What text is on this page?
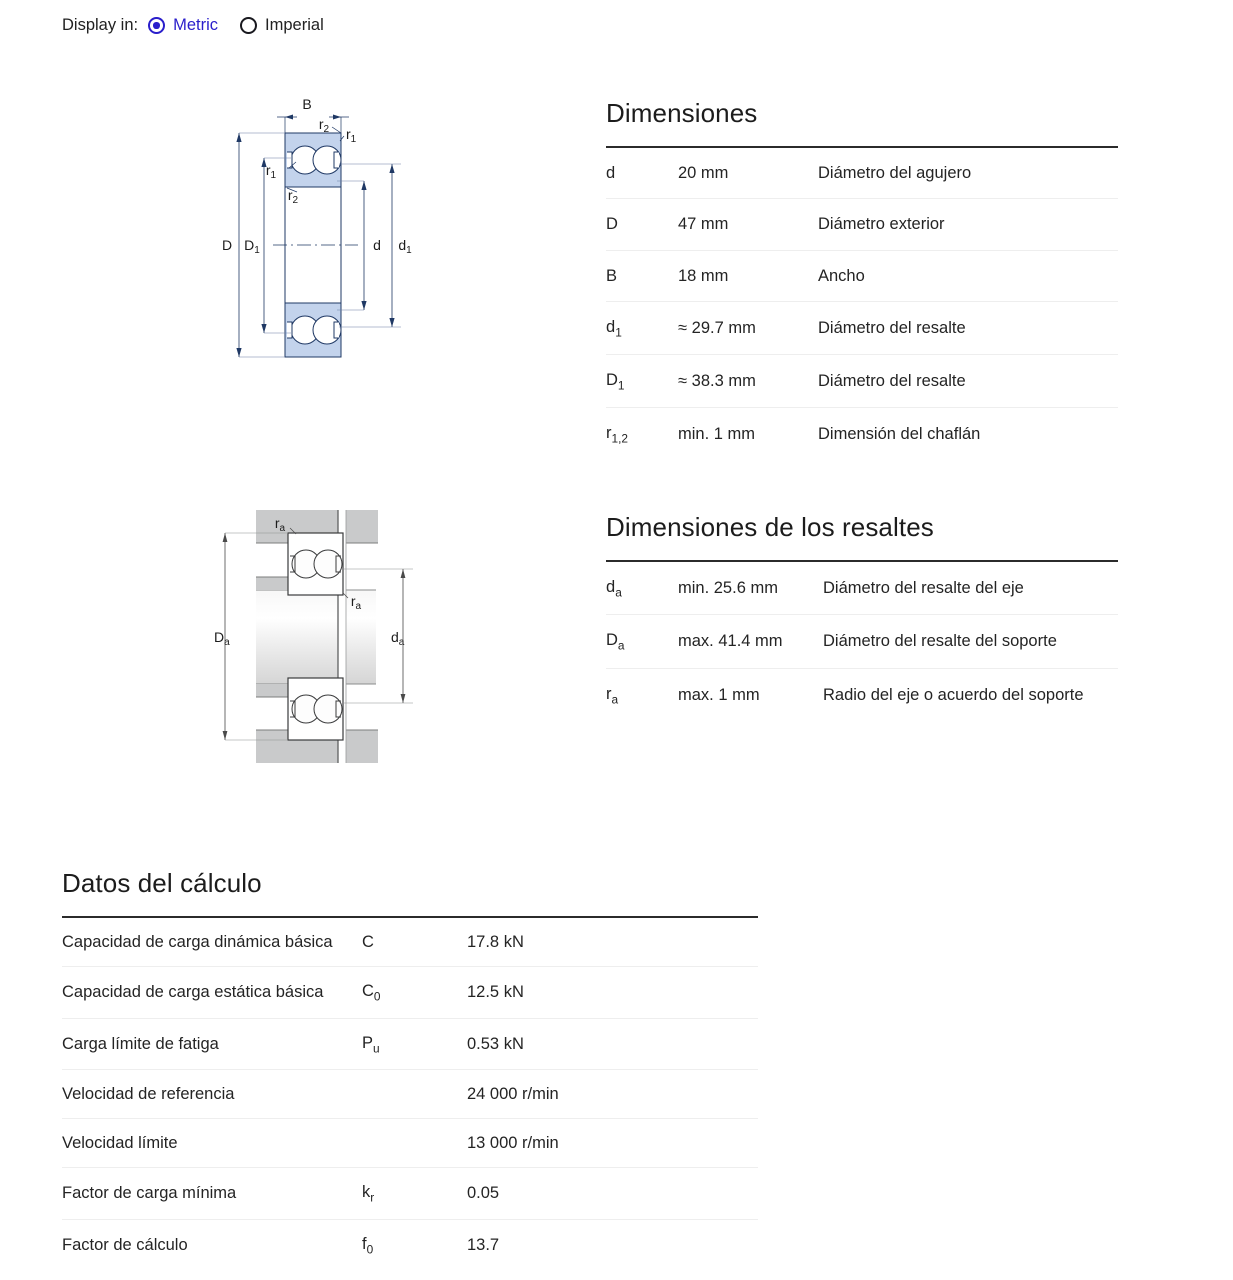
Display in: Metric	Imperial
B
$r_2$ $r_1$
$r_1$
$r_2$
D $D_1$	d $d_1$
$r_a$
$r_a$
$D_a$	$d_a$
Dimensiones
d	20 mm	Diámetro del agujero
D	47 mm	Diámetro exterior
B	18 mm	Ancho
$d_1$	≈ 29.7 mm	Diámetro del resalte
$D_1$	≈ 38.3 mm	Diámetro del resalte
$r_{1,2}$	min. 1 mm	Dimensión del chaflán
Dimensiones de los resaltes
$d_a$	min. 25.6 mm	Diámetro del resalte del eje
$D_a$	max. 41.4 mm	Diámetro del resalte del soporte
$r_a$	max. 1 mm	Radio del eje o acuerdo del soporte
Datos del cálculo
Capacidad de carga dinámica básica	C	17.8 kN
Capacidad de carga estática básica	$C_0$	12.5 kN
Carga límite de fatiga	$P_u$	0.53 kN
Velocidad de referencia		24 000 r/min
Velocidad límite		13 000 r/min
Factor de carga mínima	$k_r$	0.05
Factor de cálculo	$f_0$	13.7
